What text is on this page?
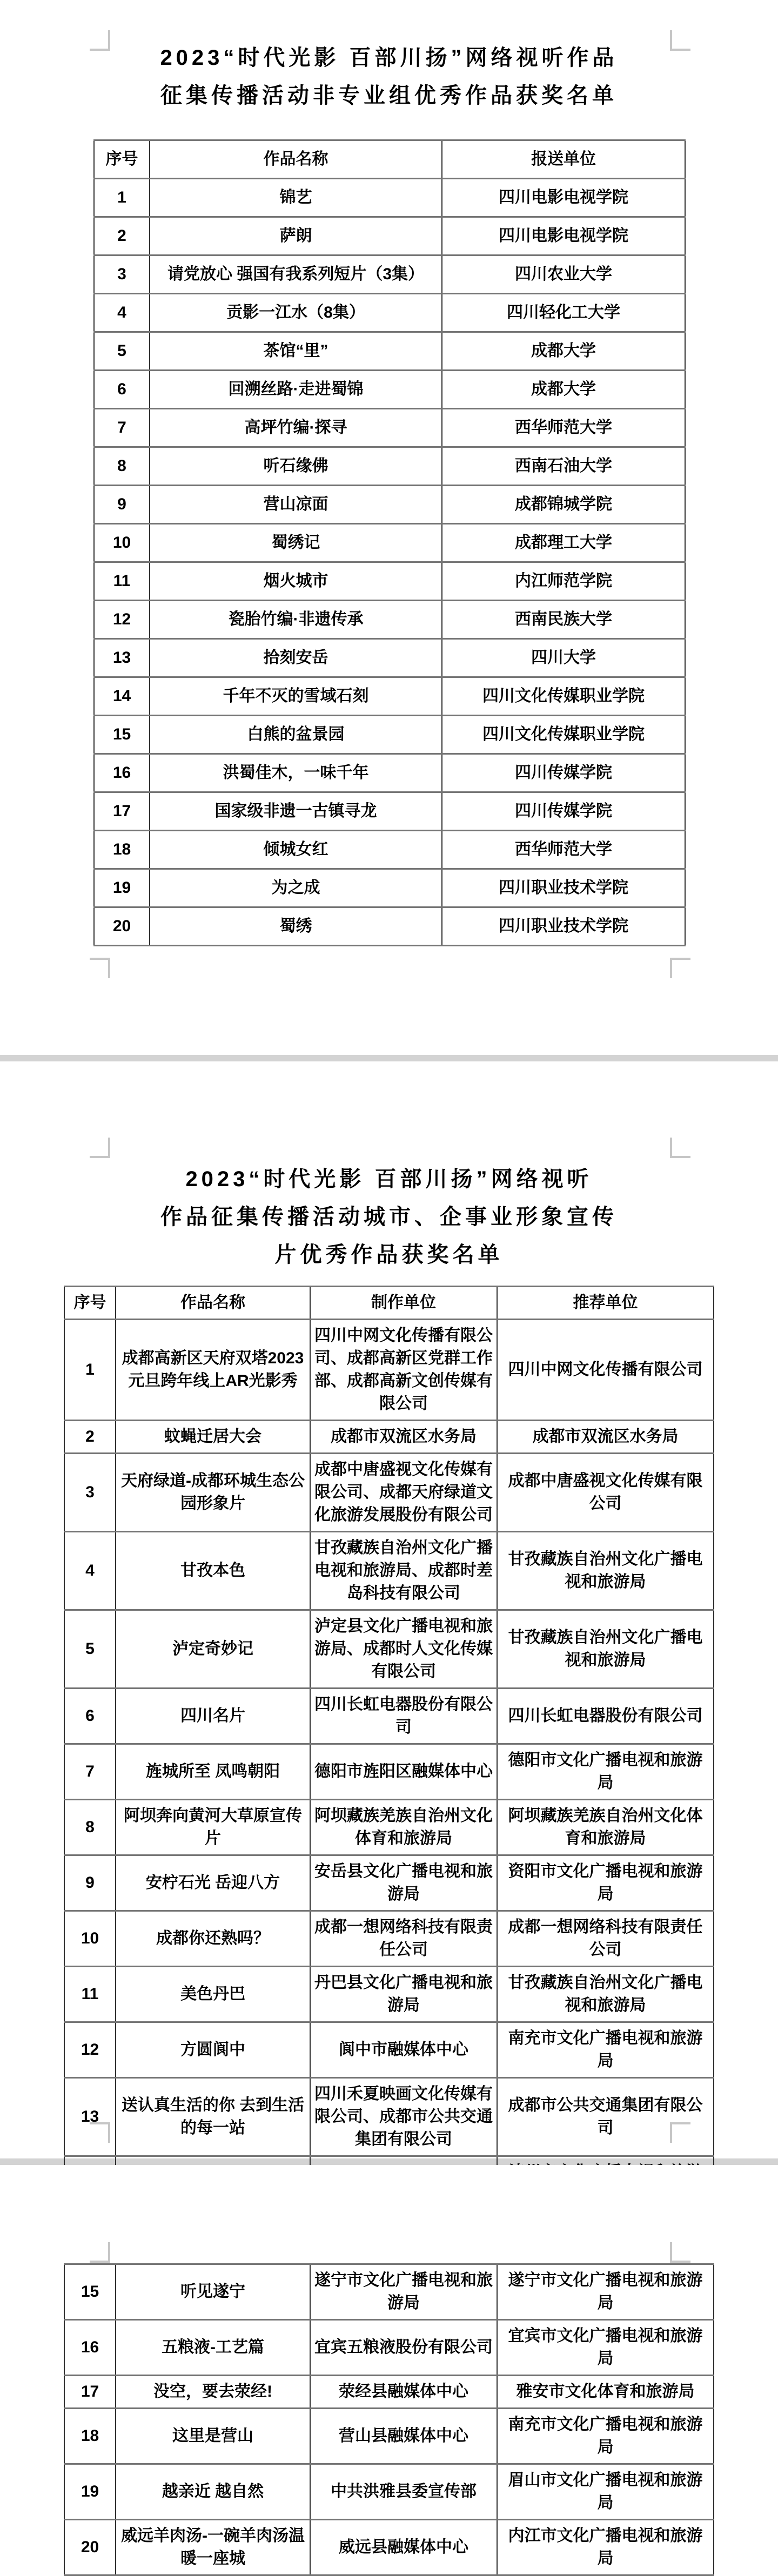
2023“时代光影 百部川扬”网络视听作品
征集传播活动非专业组优秀作品获奖名单
序号	作品名称	报送单位
1	锦艺	四川电影电视学院
2	萨朗	四川电影电视学院
3	请党放心 强国有我系列短片（3集）	四川农业大学
4	贡影一江水（8集）	四川轻化工大学
5	茶馆“里”	成都大学
6	回溯丝路·走进蜀锦	成都大学
7	高坪竹编·探寻	西华师范大学
8	听石缘佛	西南石油大学
9	营山凉面	成都锦城学院
10	蜀绣记	成都理工大学
11	烟火城市	内江师范学院
12	瓷胎竹编·非遗传承	西南民族大学
13	拾刻安岳	四川大学
14	千年不灭的雪域石刻	四川文化传媒职业学院
15	白熊的盆景园	四川文化传媒职业学院
16	洪蜀佳木，一味千年	四川传媒学院
17	国家级非遗一古镇寻龙	四川传媒学院
18	倾城女红	西华师范大学
19	为之成	四川职业技术学院
20	蜀绣	四川职业技术学院
2023“时代光影 百部川扬”网络视听
作品征集传播活动城市、企事业形象宣传
片优秀作品获奖名单
序号	作品名称	制作单位	推荐单位
1	成都高新区天府双塔2023元旦跨年线上AR光影秀	四川中网文化传播有限公司、成都高新区党群工作部、成都高新文创传媒有限公司	四川中网文化传播有限公司
2	蚊蝇迁居大会	成都市双流区水务局	成都市双流区水务局
3	天府绿道-成都环城生态公园形象片	成都中唐盛视文化传媒有限公司、成都天府绿道文化旅游发展股份有限公司	成都中唐盛视文化传媒有限公司
4	甘孜本色	甘孜藏族自治州文化广播电视和旅游局、成都时差岛科技有限公司	甘孜藏族自治州文化广播电视和旅游局
5	泸定奇妙记	泸定县文化广播电视和旅游局、成都时人文化传媒有限公司	甘孜藏族自治州文化广播电视和旅游局
6	四川名片	四川长虹电器股份有限公司	四川长虹电器股份有限公司
7	旌城所至 凤鸣朝阳	德阳市旌阳区融媒体中心	德阳市文化广播电视和旅游局
8	阿坝奔向黄河大草原宣传片	阿坝藏族羌族自治州文化体育和旅游局	阿坝藏族羌族自治州文化体育和旅游局
9	安柠石光 岳迎八方	安岳县文化广播电视和旅游局	资阳市文化广播电视和旅游局
10	成都你还熟吗？	成都一想网络科技有限责任公司	成都一想网络科技有限责任公司
11	美色丹巴	丹巴县文化广播电视和旅游局	甘孜藏族自治州文化广播电视和旅游局
12	方圆阆中	阆中市融媒体中心	南充市文化广播电视和旅游局
13	送认真生活的你 去到生活的每一站	四川禾夏映画文化传媒有限公司、成都市公共交通集团有限公司	成都市公共交通集团有限公司

15	听见遂宁	遂宁市文化广播电视和旅游局	遂宁市文化广播电视和旅游局
16	五粮液-工艺篇	宜宾五粮液股份有限公司	宜宾市文化广播电视和旅游局
17	没空，要去荥经!	荥经县融媒体中心	雅安市文化体育和旅游局
18	这里是营山	营山县融媒体中心	南充市文化广播电视和旅游局
19	越亲近 越自然	中共洪雅县委宣传部	眉山市文化广播电视和旅游局
20	威远羊肉汤-一碗羊肉汤温暖一座城	威远县融媒体中心	内江市文化广播电视和旅游局
